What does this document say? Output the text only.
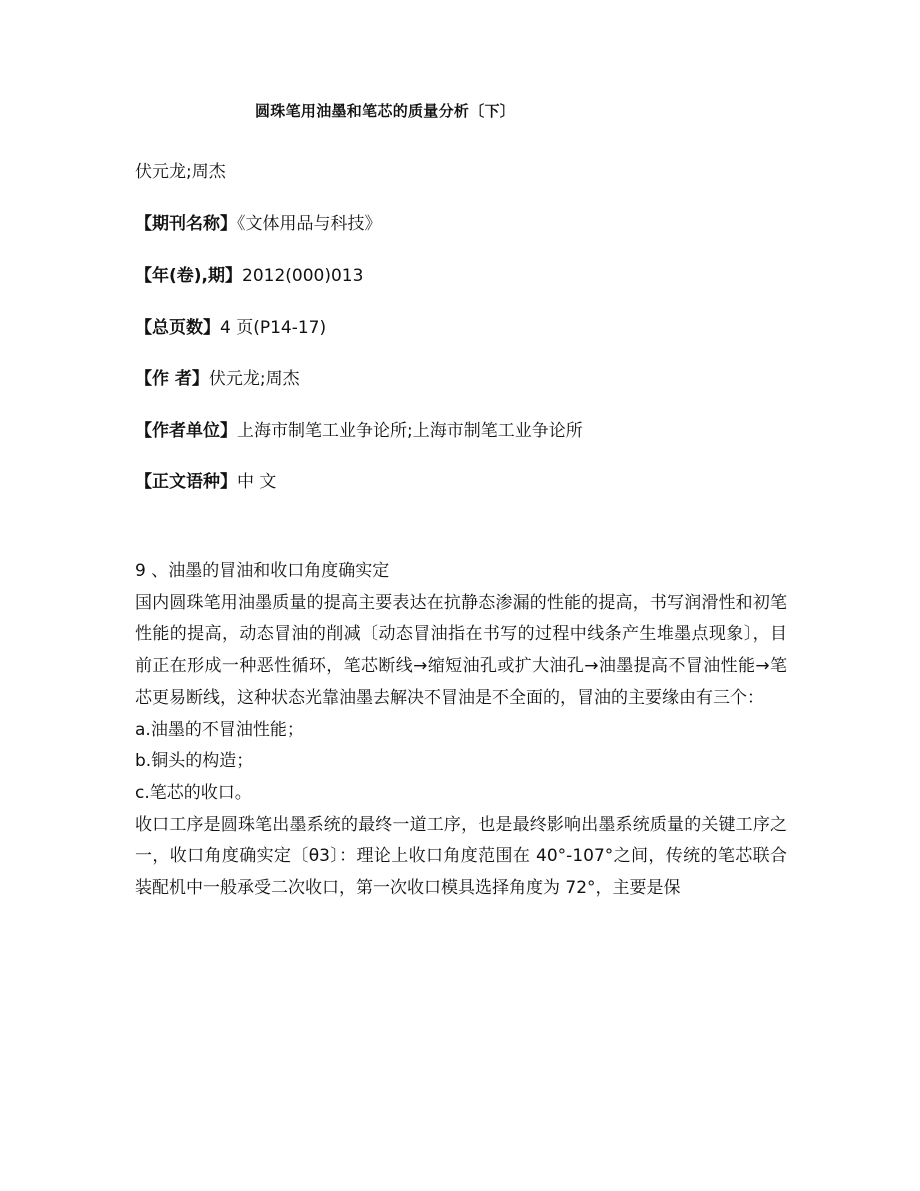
圆珠笔用油墨和笔芯的质量分析〔下〕
伏元龙;周杰
【期刊名称】《文体用品与科技》
【年(卷),期】2012(000)013
【总页数】4 页(P14-17)
【作 者】伏元龙;周杰
【作者单位】上海市制笔工业争论所;上海市制笔工业争论所
【正文语种】中 文

9 、油墨的冒油和收口角度确实定

国内圆珠笔用油墨质量的提高主要表达在抗静态渗漏的性能的提高，书写润滑性和初笔性能的提高，动态冒油的削减〔动态冒油指在书写的过程中线条产生堆墨点现象〕，目前正在形成一种恶性循环，笔芯断线→缩短油孔或扩大油孔→油墨提高不冒油性能→笔芯更易断线，这种状态光靠油墨去解决不冒油是不全面的，冒油的主要缘由有三个：

a.油墨的不冒油性能；

b.铜头的构造；

c.笔芯的收口。

收口工序是圆珠笔出墨系统的最终一道工序，也是最终影响出墨系统质量的关键工序之一，收口角度确实定〔θ3〕：理论上收口角度范围在 40°-107°之间，传统的笔芯联合装配机中一般承受二次收口，第一次收口模具选择角度为 72°，主要是保
